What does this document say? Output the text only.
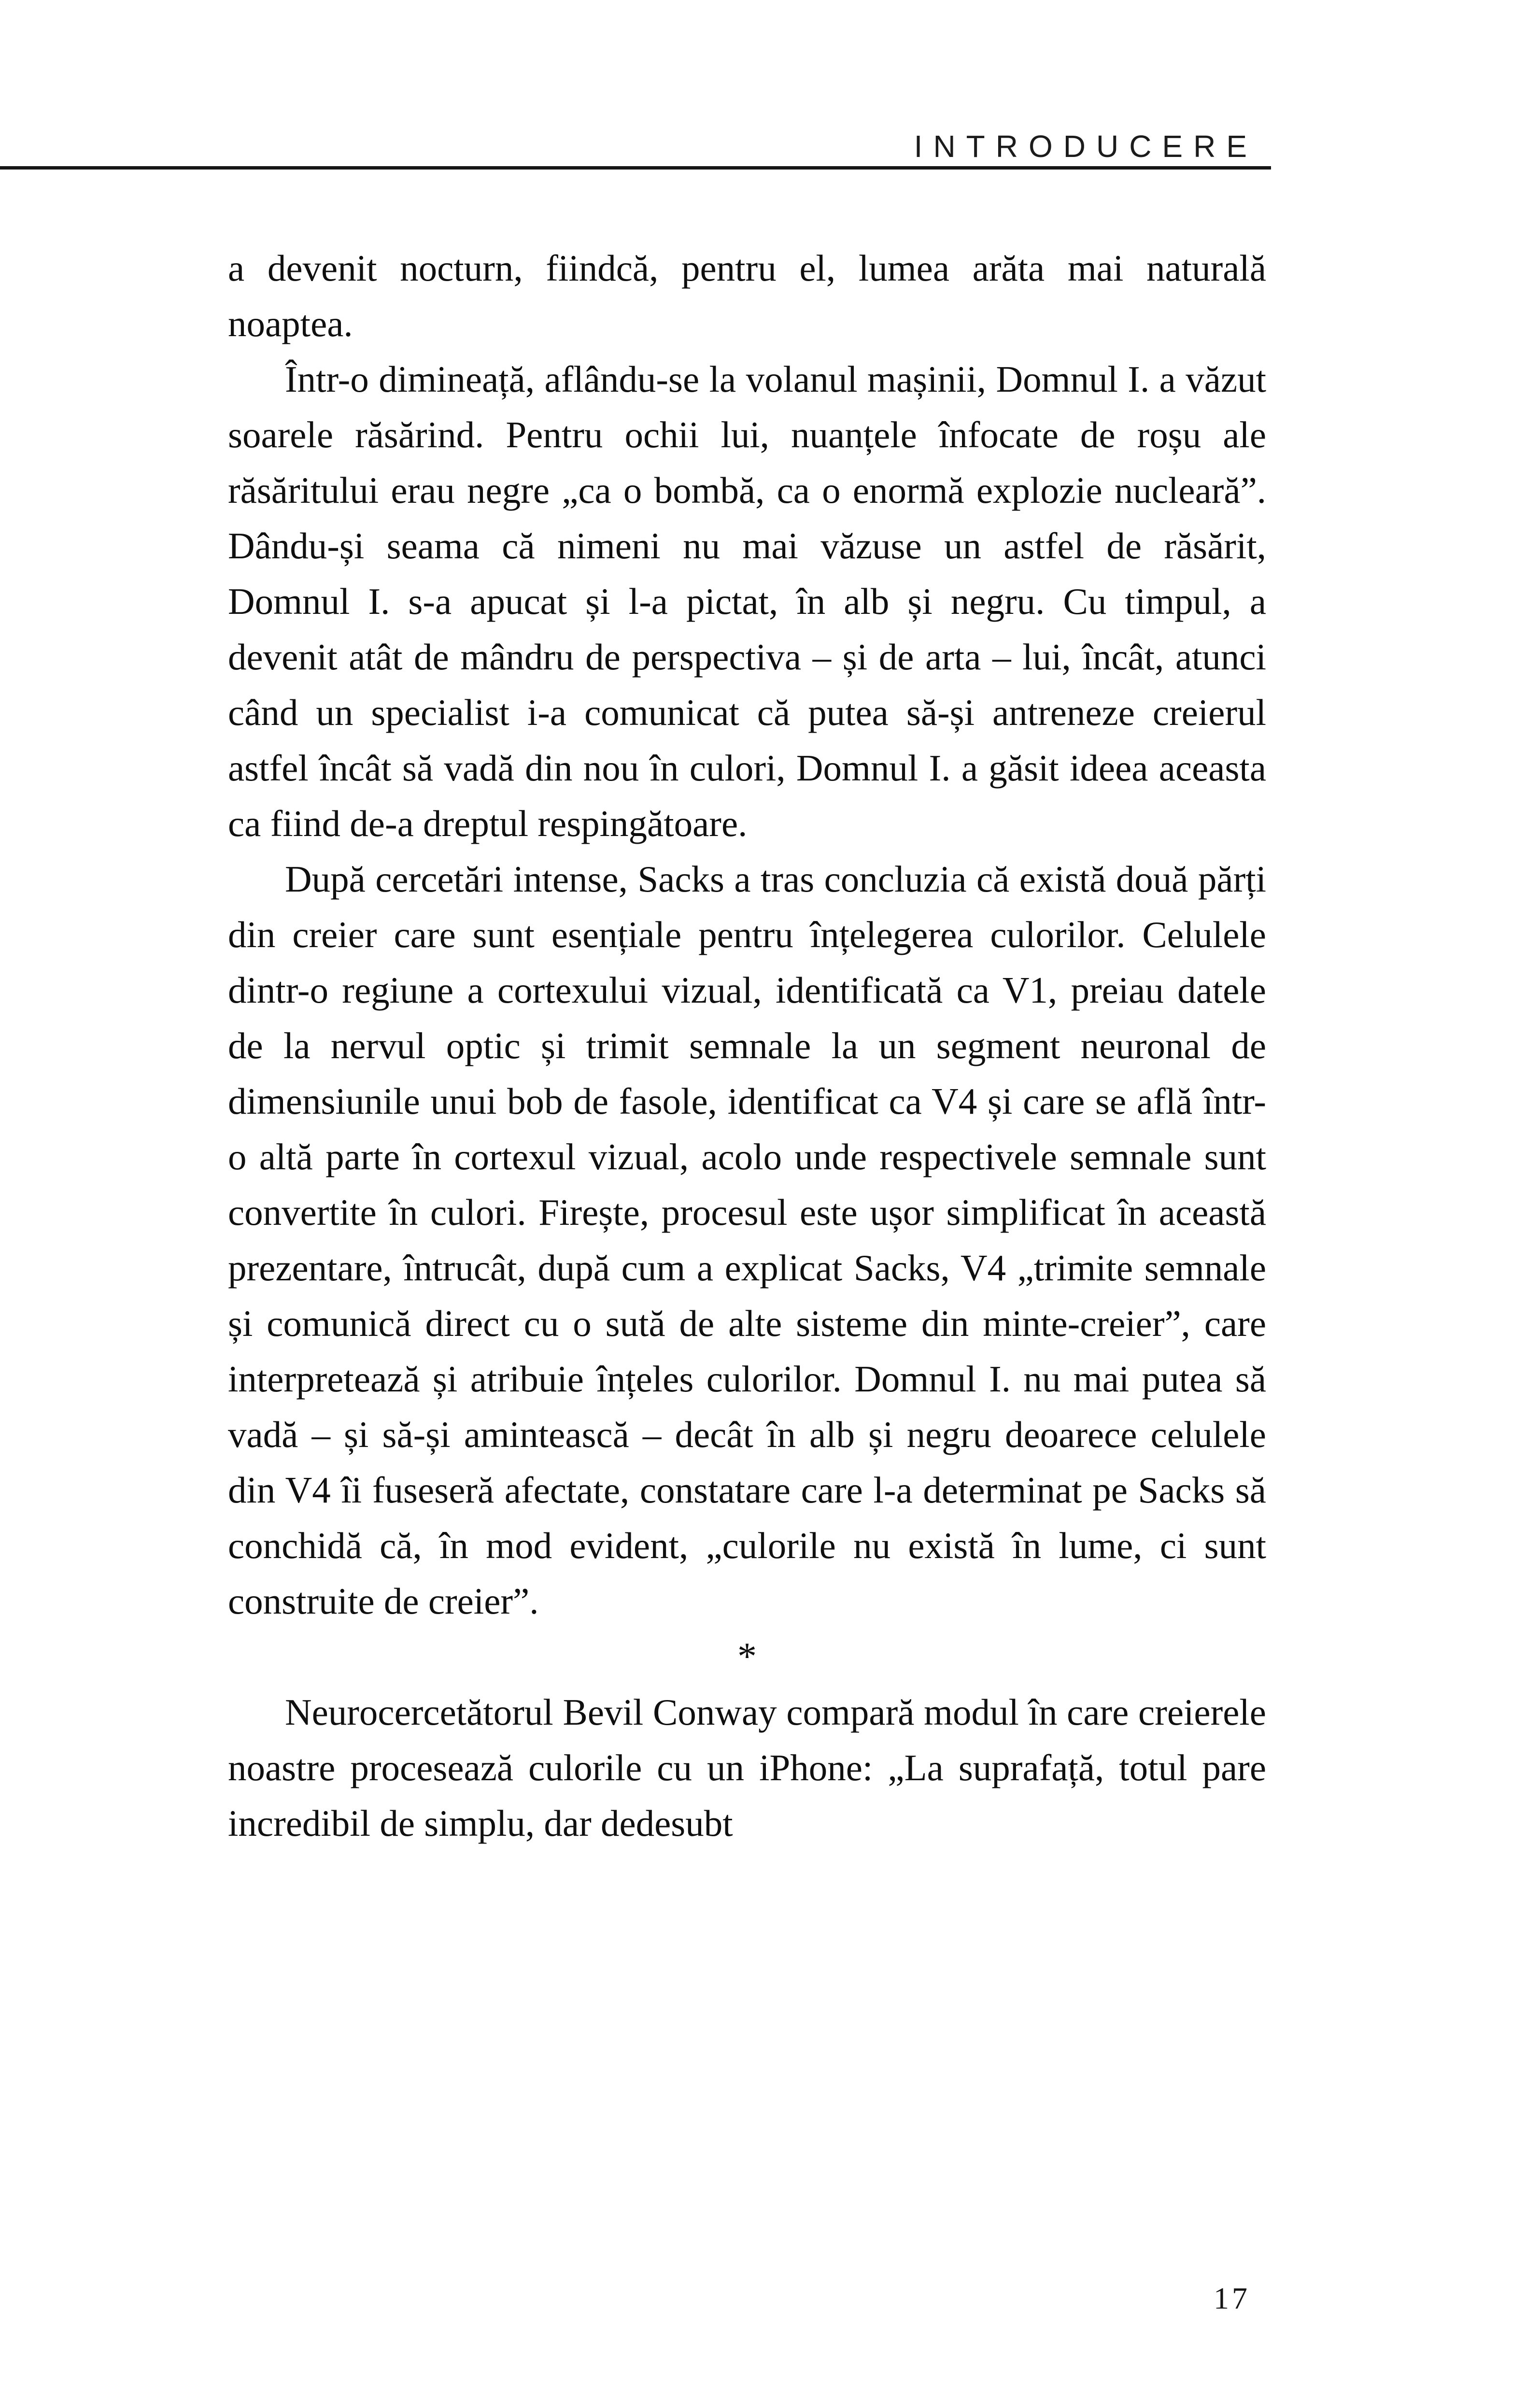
INTRODUCERE

a devenit nocturn, fiindcă, pentru el, lumea arăta mai naturală noaptea.

Într-o dimineață, aflându-se la volanul mașinii, Domnul I. a văzut soarele răsărind. Pentru ochii lui, nuanțele înfocate de roșu ale răsăritului erau negre „ca o bombă, ca o enormă explozie nucleară”. Dându-și seama că nimeni nu mai văzuse un astfel de răsărit, Domnul I. s-a apucat și l-a pictat, în alb și negru. Cu timpul, a devenit atât de mândru de perspectiva – și de arta – lui, încât, atunci când un specialist i-a comunicat că putea să-și antreneze creierul astfel încât să vadă din nou în culori, Domnul I. a găsit ideea aceasta ca fiind de-a dreptul respingătoare.

După cercetări intense, Sacks a tras concluzia că există două părți din creier care sunt esențiale pentru înțelegerea culorilor. Celulele dintr-o regiune a cortexului vizual, identificată ca V1, preiau datele de la nervul optic și trimit semnale la un segment neuronal de dimensiunile unui bob de fasole, identificat ca V4 și care se află într-o altă parte în cortexul vizual, acolo unde respectivele semnale sunt convertite în culori. Firește, procesul este ușor simplificat în această prezentare, întrucât, după cum a explicat Sacks, V4 „trimite semnale și comunică direct cu o sută de alte sisteme din minte-creier”, care interpretează și atribuie înțeles culorilor. Domnul I. nu mai putea să vadă – și să-și amintească – decât în alb și negru deoarece celulele din V4 îi fuseseră afectate, constatare care l-a determinat pe Sacks să conchidă că, în mod evident, „culorile nu există în lume, ci sunt construite de creier”.

*

Neurocercetătorul Bevil Conway compară modul în care creierele noastre procesează culorile cu un iPhone: „La suprafață, totul pare incredibil de simplu, dar dedesubt

17
